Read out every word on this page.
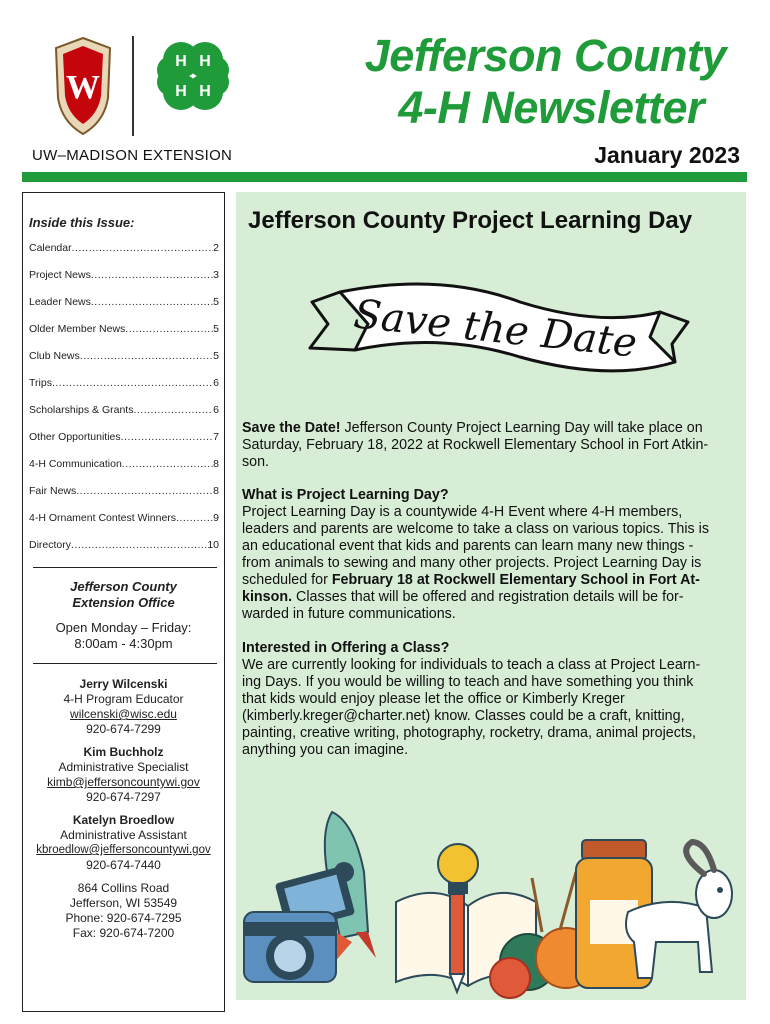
W
H H
H H
UW–MADISON EXTENSION
Jefferson County
4-H Newsletter
January 2023
Inside this Issue:
Calendar .....	2
Project News .....	3
Leader News .....	5
Older Member News .....	5
Club News .....	5
Trips .....	6
Scholarships & Grants .....	6
Other Opportunities .....	7
4-H Communication .....	8
Fair News .....	8
4-H Ornament Contest Winners .....	9
Directory .....	10
Jefferson County
Extension Office
Open Monday – Friday:
8:00am - 4:30pm
Jerry Wilcenski
4-H Program Educator
wilcenski@wisc.edu
920-674-7299
Kim Buchholz
Administrative Specialist
kimb@jeffersoncountywi.gov
920-674-7297
Katelyn Broedlow
Administrative Assistant
kbroedlow@jeffersoncountywi.gov
920-674-7440
864 Collins Road
Jefferson, WI 53549
Phone: 920-674-7295
Fax: 920-674-7200
Jefferson County Project Learning Day
Save the Date
Save the Date! Jefferson County Project Learning Day will take place on
Saturday, February 18, 2022 at Rockwell Elementary School in Fort Atkin-
son.
What is Project Learning Day?
Project Learning Day is a countywide 4-H Event where 4-H members,
leaders and parents are welcome to take a class on various topics. This is
an educational event that kids and parents can learn many new things -
from animals to sewing and many other projects. Project Learning Day is
scheduled for February 18 at Rockwell Elementary School in Fort At-
kinson. Classes that will be offered and registration details will be for-
warded in future communications.
Interested in Offering a Class?
We are currently looking for individuals to teach a class at Project Learn-
ing Days. If you would be willing to teach and have something you think
that kids would enjoy please let the office or Kimberly Kreger
(kimberly.kreger@charter.net) know. Classes could be a craft, knitting,
painting, creative writing, photography, rocketry, drama, animal projects,
anything you can imagine.
